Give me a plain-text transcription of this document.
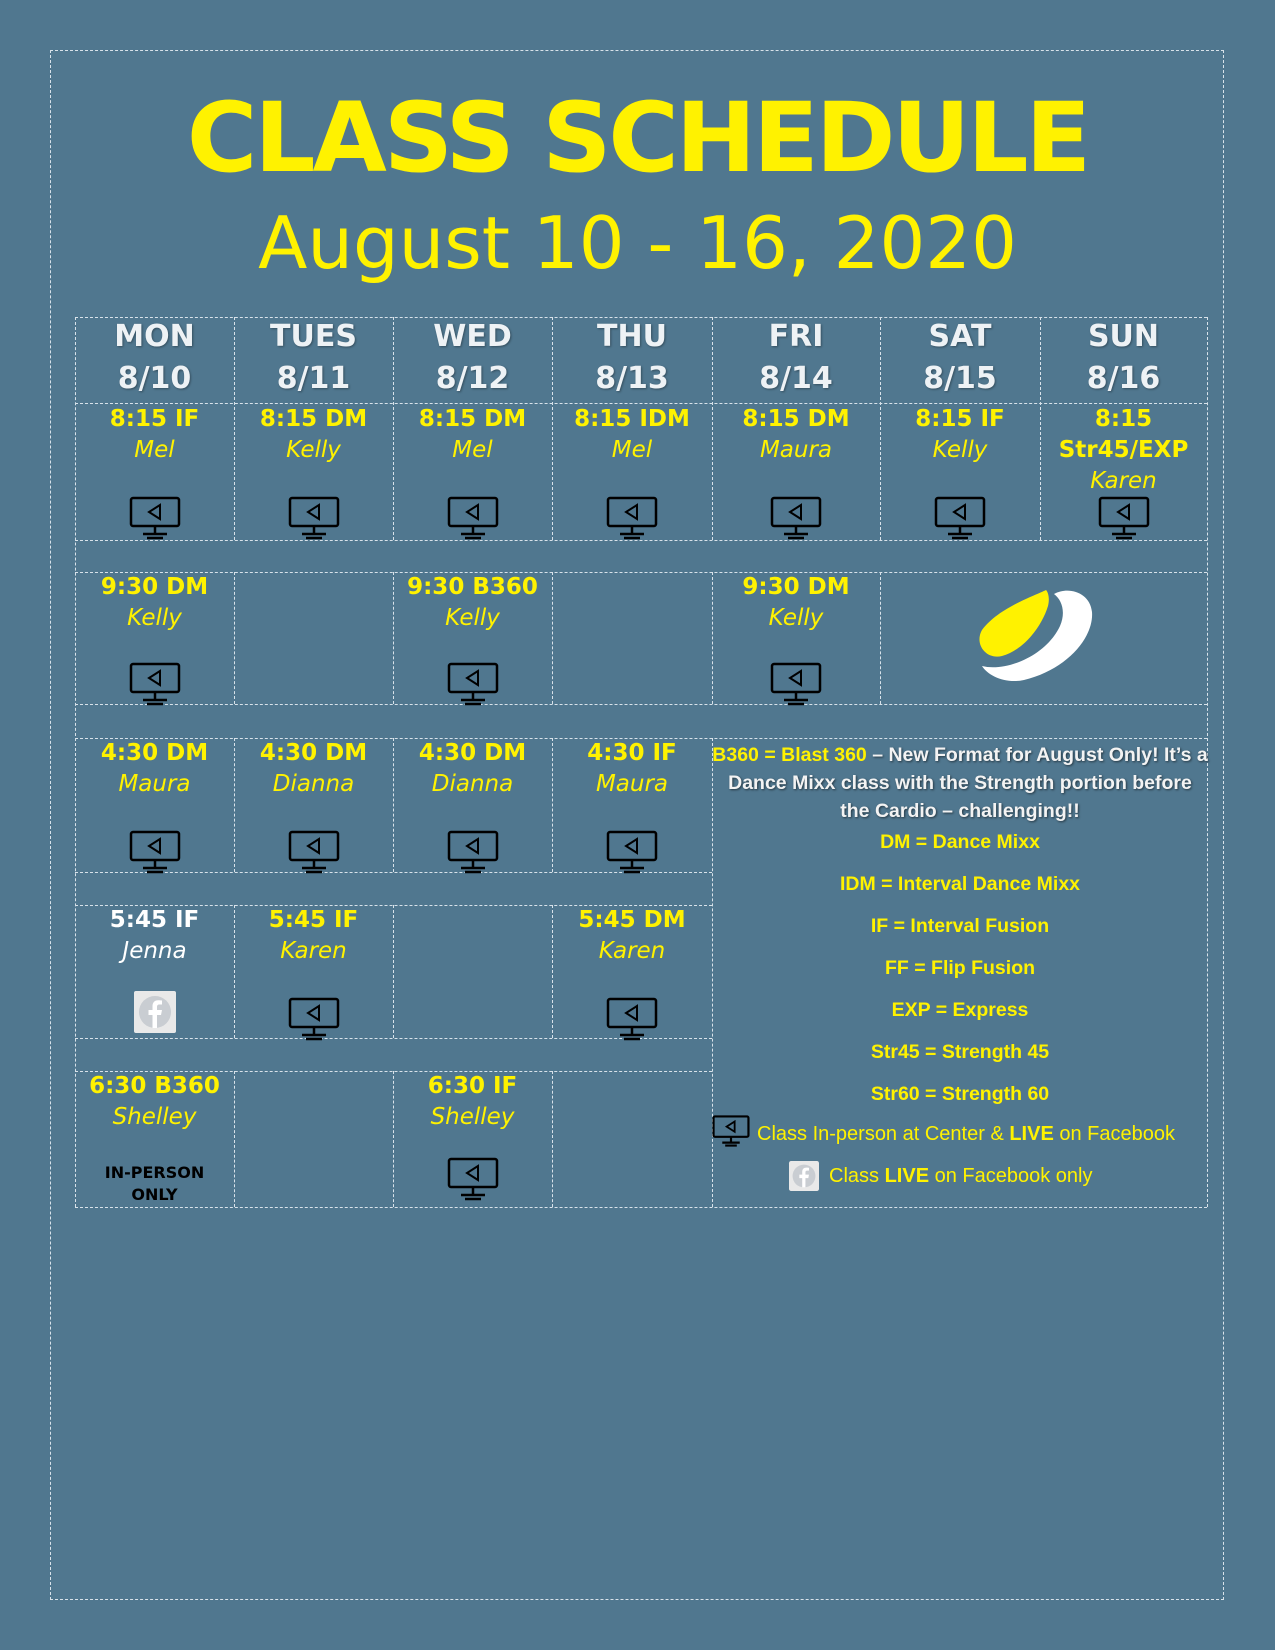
CLASS SCHEDULE
August 10 - 16, 2020
MON
8/10
TUES
8/11
WED
8/12
THU
8/13
FRI
8/14
SAT
8/15
SUN
8/16
8:15 IF
Mel
8:15 DM
Kelly
8:15 DM
Mel
8:15 IDM
Mel
8:15 DM
Maura
8:15 IF
Kelly
8:15
Str45/EXP
Karen
9:30 DM
Kelly
9:30 B360
Kelly
9:30 DM
Kelly
4:30 DM
Maura
4:30 DM
Dianna
4:30 DM
Dianna
4:30 IF
Maura
5:45 IF
Jenna
5:45 IF
Karen
5:45 DM
Karen
6:30 B360
Shelley
IN-PERSON ONLY
6:30 IF
Shelley
B360 = Blast 360 – New Format for August Only! It’s a Dance Mixx class with the Strength portion before the Cardio – challenging!!
DM = Dance Mixx
IDM = Interval Dance Mixx
IF = Interval Fusion
FF = Flip Fusion
EXP = Express
Str45 = Strength 45
Str60 = Strength 60
Class In-person at Center & LIVE on Facebook
Class LIVE on Facebook only
